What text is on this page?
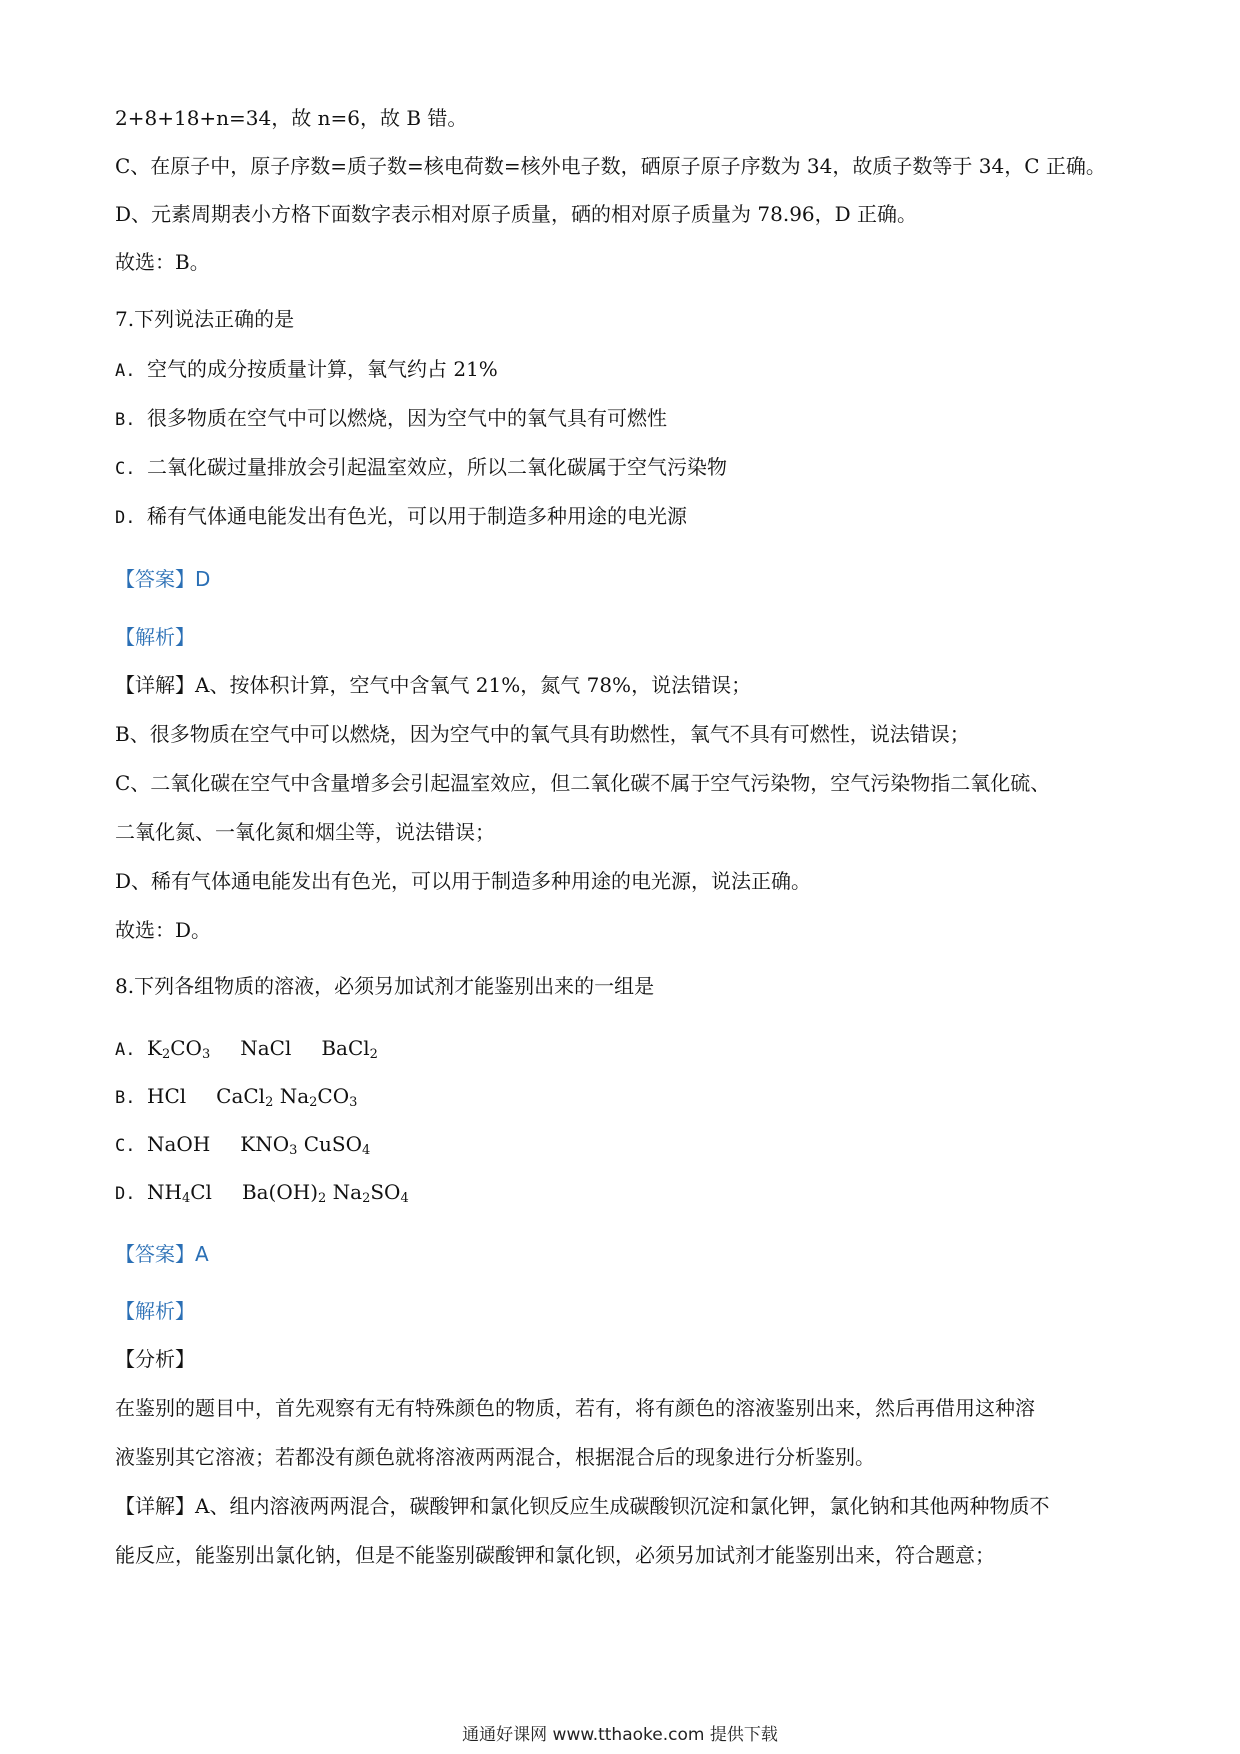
2+8+18+n=34，故 n=6，故 B 错。
C、在原子中，原子序数=质子数=核电荷数=核外电子数，硒原子原子序数为 34，故质子数等于 34，C 正确。
D、元素周期表小方格下面数字表示相对原子质量，硒的相对原子质量为 78.96，D 正确。
故选：B。
7.下列说法正确的是
A. 空气的成分按质量计算，氧气约占 21%
B. 很多物质在空气中可以燃烧，因为空气中的氧气具有可燃性
C. 二氧化碳过量排放会引起温室效应，所以二氧化碳属于空气污染物
D. 稀有气体通电能发出有色光，可以用于制造多种用途的电光源
【答案】D
【解析】
【详解】A、按体积计算，空气中含氧气 21%，氮气 78%，说法错误；
B、很多物质在空气中可以燃烧，因为空气中的氧气具有助燃性，氧气不具有可燃性，说法错误；
C、二氧化碳在空气中含量增多会引起温室效应，但二氧化碳不属于空气污染物，空气污染物指二氧化硫、
二氧化氮、一氧化氮和烟尘等，说法错误；
D、稀有气体通电能发出有色光，可以用于制造多种用途的电光源，说法正确。
故选：D。
8.下列各组物质的溶液，必须另加试剂才能鉴别出来的一组是
A. $K_2CO_3$ NaCl BaCl$_2$
B. HCl CaCl$_2$ $Na_2CO_3$
C. NaOH $KNO_3$ CuSO$_4$
D. $NH_4Cl$ $Ba(OH)_2$ $Na_2SO_4$
【答案】A
【解析】
【分析】
在鉴别的题目中，首先观察有无有特殊颜色的物质，若有，将有颜色的溶液鉴别出来，然后再借用这种溶
液鉴别其它溶液；若都没有颜色就将溶液两两混合，根据混合后的现象进行分析鉴别。
【详解】A、组内溶液两两混合，碳酸钾和氯化钡反应生成碳酸钡沉淀和氯化钾，氯化钠和其他两种物质不
能反应，能鉴别出氯化钠，但是不能鉴别碳酸钾和氯化钡，必须另加试剂才能鉴别出来，符合题意；
通通好课网 www.tthaoke.com 提供下载
